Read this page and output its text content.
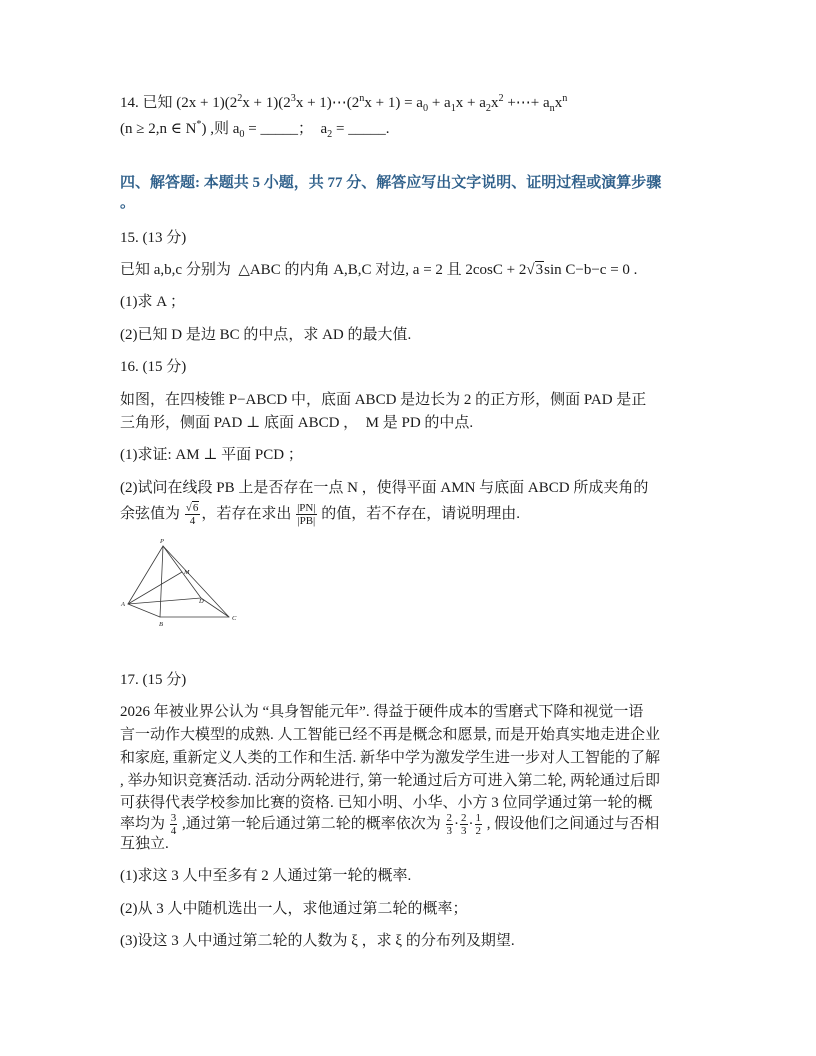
14. 已知 $(2x + 1)(2^2x + 1)(2^3x$ + $1)\cdots(2^nx + 1) = a_0 + a_1x + a_2x^2$ +⋯+ $a_nx^n$
(n ≥ 2,n ∈ N*) ,则 $a_0$ = _____；  $a_2$ = _____.
四、解答题: 本题共 5 小题，共 77 分、解答应写出文字说明、证明过程或演算步骤
。
15. (13 分)
已知 a,b,c 分别为  △ABC 的内角 A,B,C 对边, a = 2 且 2cosC + 2√3sin C−b−c = 0 .
(1)求 A ；
(2)已知 D 是边 BC 的中点，求 AD 的最大值.
16. (15 分)
如图，在四棱锥 P−ABCD 中，底面 ABCD 是边长为 2 的正方形，侧面 PAD 是正
三角形，侧面 PAD ⊥ 底面 ABCD ，  M 是 PD 的中点.
(1)求证: AM ⊥ 平面 PCD ；
(2)试问在线段 PB 上是否存在一点 N ，使得平面 AMN 与底面 ABCD 所成夹角的
余弦值为 $\frac{√6}{4}$ ，若存在求出 $\frac{|PN|}{|PB|}$ 的值，若不存在，请说明理由.
P
M
A	D
B
C
17. (15 分)
2026 年被业界公认为 “具身智能元年”. 得益于硬件成本的雪磨式下降和视觉一语
言一动作大模型的成熟. 人工智能已经不再是概念和愿景, 而是开始真实地走进企业
和家庭, 重新定义人类的工作和生活. 新华中学为激发学生进一步对人工智能的了解
, 举办知识竞赛活动. 活动分两轮进行, 第一轮通过后方可进入第二轮, 两轮通过后即
可获得代表学校参加比赛的资格. 已知小明、小华、小方 3 位同学通过第一轮的概
率均为 $\frac{3}{4}$ ,通过第一轮后通过第二轮的概率依次为 $\frac{2}{3} \cdot \frac{2}{3} \cdot \frac{1}{2}$ , 假设他们之间通过与否相
互独立.
(1)求这 3 人中至多有 2 人通过第一轮的概率.
(2)从 3 人中随机选出一人，求他通过第二轮的概率；
(3)设这 3 人中通过第二轮的人数为 ξ ，求 ξ 的分布列及期望.
